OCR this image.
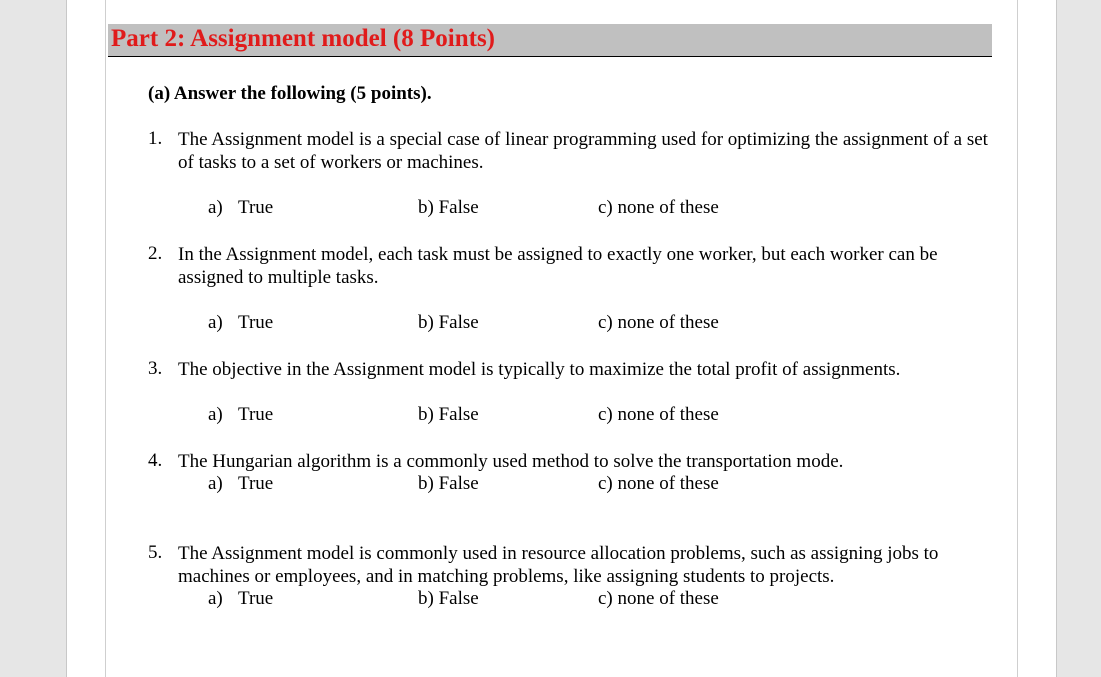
Part 2: Assignment model (8 Points)
(a) Answer the following (5 points).
1. The Assignment model is a special case of linear programming used for optimizing the assignment of a set of tasks to a set of workers or machines.
a) True	b) False	c) none of these
2. In the Assignment model, each task must be assigned to exactly one worker, but each worker can be assigned to multiple tasks.
a) True	b) False	c) none of these
3. The objective in the Assignment model is typically to maximize the total profit of assignments.
a) True	b) False	c) none of these
4. The Hungarian algorithm is a commonly used method to solve the transportation mode.
a) True	b) False	c) none of these
5. The Assignment model is commonly used in resource allocation problems, such as assigning jobs to machines or employees, and in matching problems, like assigning students to projects.
a) True	b) False	c) none of these
